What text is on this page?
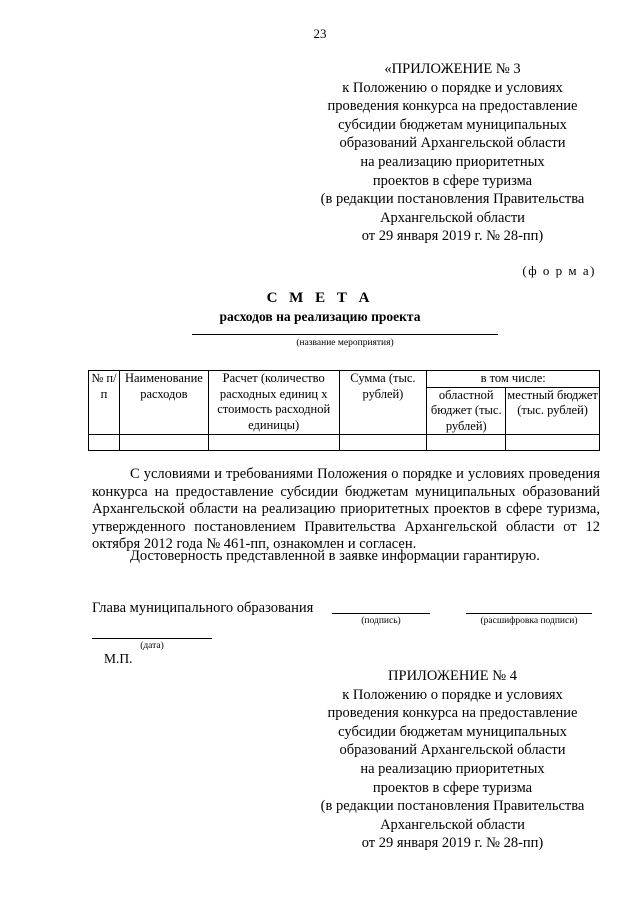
23
«ПРИЛОЖЕНИЕ № 3
к Положению о порядке и условиях
проведения конкурса на предоставление
субсидии бюджетам муниципальных
образований Архангельской области
на реализацию приоритетных
проектов в сфере туризма
(в редакции постановления Правительства
Архангельской области
от 29 января 2019 г. № 28-пп)
(ф о р м а)
С М Е Т А
расходов на реализацию проекта
(название мероприятия)
№ п/п	Наименование расходов	Расчет (количество расходных единиц x стоимость расходной единицы)	Сумма (тыс. рублей)	в том числе:	
				областной бюджет (тыс. рублей)	местный бюджет (тыс. рублей)

С условиями и требованиями Положения о порядке и условиях проведения конкурса на предоставление субсидии бюджетам муниципальных образований Архангельской области на реализацию приоритетных проектов в сфере туризма, утвержденного постановлением Правительства Архангельской области от 12 октября 2012 года № 461-пп, ознакомлен и согласен.
Достоверность представленной в заявке информации гарантирую.
Глава муниципального образования
(подпись)	(расшифровка подписи)
(дата)
М.П.
ПРИЛОЖЕНИЕ № 4
к Положению о порядке и условиях
проведения конкурса на предоставление
субсидии бюджетам муниципальных
образований Архангельской области
на реализацию приоритетных
проектов в сфере туризма
(в редакции постановления Правительства
Архангельской области
от 29 января 2019 г. № 28-пп)
